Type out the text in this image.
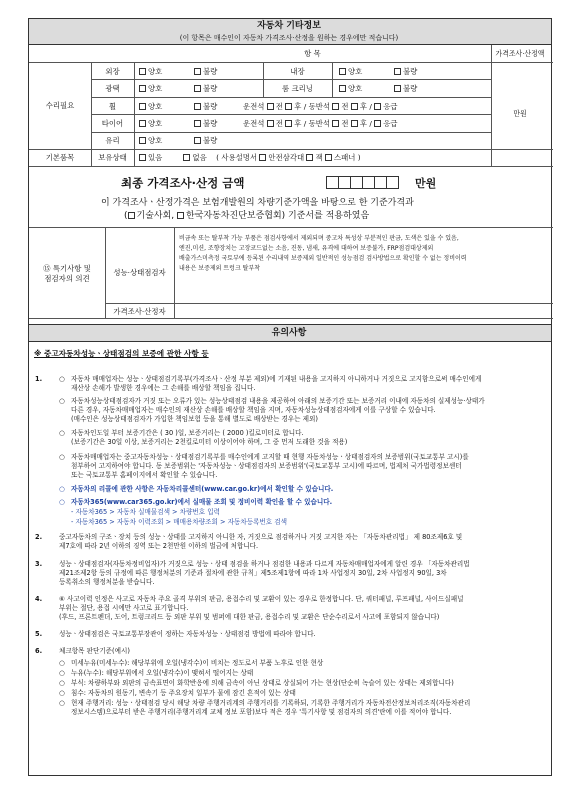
자동차 기타정보
(이 항목은 매수인이 자동차 가격조사·산정을 원하는 경우에만 적습니다)
항 목	가격조사·산정액
수리필요
만원
외장	양호	불량	내장	양호	불량
광택	양호	불량	룸 크리닝	양호	불량
휠	양호	불량	운전석 전 후 / 동반석 전 후 / 응급
타이어	양호	불량	운전석 전 후 / 동반석 전 후 / 응급
유리	양호	불량
기본품목	보유상태	있음	없음 ( 사용설명서 안전삼각대 잭 스패너 )
최종 가격조사·산정 금액	만원
이 가격조사ㆍ산정가격은 보험개발원의 차량기준가액을 바탕으로 한 기준가격과
( 기술사회, 한국자동차진단보증협회) 기준서를 적용하였음
⑮ 특기사항 및
점검자의 의견
성능·상태점검자
가격조사·산정자
비금속 또는 탈부착 가능 부품은 점검사항에서 제외되며 중고차 특성상 부분적인 판금, 도색은 있을 수 있음,
엔진,미션, 조향장치는 고장코드없는 소음, 진동, 냄새, 유격에 대하여 보증불가, FRP점검대상제외
배출가스미측정 국토부에 등록된 수리내역 보증제외 일반적인 성능점검 검사방법으로 확인할 수 없는 정비이력
내용은 보증제외 트렁크 탈부착
유의사항
※ 중고자동차성능ㆍ상태점검의 보증에 관한 사항 등
1.	○ 자동차 매매업자는 성능ㆍ상태점검기록부(가격조사ㆍ산정 부분 제외)에 기재된 내용을 고지하지 아니하거나 거짓으로 고지함으로써 매수인에게
재산상 손해가 발생한 경우에는 그 손해를 배상할 책임을 집니다.
○ 자동차성능상태점검자가 거짓 또는 오류가 있는 성능상태점검 내용을 제공하여 아래의 보증기간 또는 보증거리 이내에 자동차의 실제성능·상태가
다른 경우, 자동차매매업자는 매수인의 재산상 손해를 배상할 책임을 지며, 자동차성능상태점검자에게 이를 구상할 수 있습니다.
(매수인은 성능상태점검자가 가입한 책임보험 등을 통해 별도로 배상받는 경우는 제외)
○ 자동차인도일 부터 보증기간은 ( 30 )일, 보증거리는 ( 2000 )킬로미터로 합니다.
(보증기간은 30일 이상, 보증거리는 2천킬로미터 이상이어야 하며, 그 중 먼저 도래한 것을 적용)
○ 자동차매매업자는 중고자동차성능ㆍ상태점검기록부를 매수인에게 고지할 때 현행 자동차성능ㆍ상태점검자의 보증범위(국토교통부 고시)를
첨부하여 고지하여야 합니다. 동 보증범위는 '자동차성능ㆍ상태점검자의 보증범위'(국토교통부 고시)에 따르며, 법제처 국가법령정보센터
또는 국토교통부 홈페이지에서 확인할 수 있습니다.
○ 자동차의 리콜에 관한 사항은 자동차리콜센터(www.car.go.kr)에서 확인할 수 있습니다.
○ 자동차365(www.car365.go.kr)에서 실매물 조회 및 정비이력 확인을 할 수 있습니다.
- 자동차365 > 자동차 실매물검색 > 차량번호 입력
- 자동차365 > 자동차 이력조회 > 매매용차량조회 > 자동차등록번호 검색
2.	중고자동차의 구조ㆍ장치 등의 성능ㆍ상태를 고지하지 아니한 자, 거짓으로 점검하거나 거짓 고지한 자는 「자동차관리법」 제 80조제6호 및
제7호에 따라 2년 이하의 징역 또는 2천만원 이하의 벌금에 처합니다.
3.	성능ㆍ상태점검자(자동차정비업자)가 거짓으로 성능ㆍ상태 점검을 하거나 점검한 내용과 다르게 자동차매매업자에게 알린 경우 「자동차관리법
제21조제2항 등의 규정에 따른 행정처분의 기준과 절차에 관한 규칙」제5조제1항에 따라 1차 사업정지 30일, 2차 사업정지 90일, 3차
등록취소의 행정처분을 받습니다.
4.	⑥ 사고이력 인정은 사고로 자동차 주요 골격 부위의 판금, 용접수리 및 교환이 있는 경우로 한정합니다. 단, 쿼터패널, 루프패널, 사이드실패널
부위는 절단, 용접 시에만 사고로 표기합니다.
(후드, 프론트펜더, 도어, 트렁크리드 등 외판 부위 및 범퍼에 대한 판금, 용접수리 및 교환은 단순수리로서 사고에 포함되지 않습니다)
5.	성능ㆍ상태점검은 국토교통부장관이 정하는 자동차성능ㆍ상태점검 방법에 따라야 합니다.
6.	체크항목 판단기준(예시)
○ 미세누유(미세누수): 해당부위에 오일(냉각수)이 비치는 정도로서 부품 노후로 인한 현상
○ 누유(누수): 해당부위에서 오일(냉각수)이 맺혀서 떨어지는 상태
○ 부식: 차량하부와 외판의 금속표면이 화학반응에 의해 금속이 아닌 상태로 상실되어 가는 현상(단순히 녹슬어 있는 상태는 제외합니다)
○ 침수: 자동차의 원동기, 변속기 등 주요장치 일부가 물에 잠긴 흔적이 있는 상태
○ 현재 주행거리: 성능ㆍ상태점검 당시 해당 차량 주행거리계의 주행거리를 기록하되, 기록한 주행거리가 자동차전산정보처리조직(자동차관리
정보시스템)으로부터 받은 주행거리(주행거리계 교체 정보 포함)보다 적은 경우 '특기사항 및 점검자의 의견'란에 이를 적어야 합니다.
